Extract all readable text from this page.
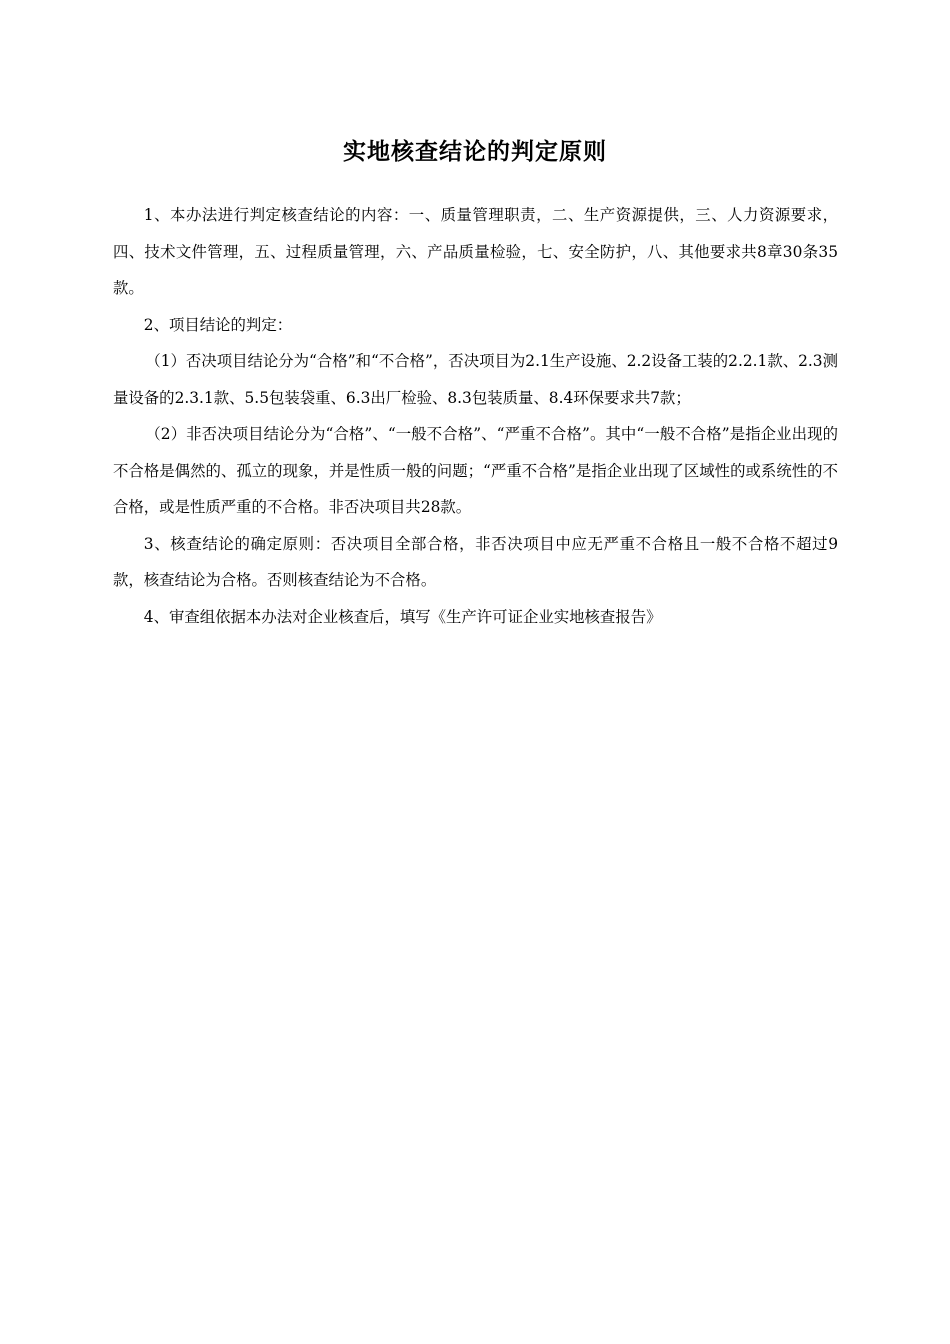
实地核查结论的判定原则

1、本办法进行判定核查结论的内容：一、质量管理职责，二、生产资源提供，三、人力资源要求，四、技术文件管理，五、过程质量管理，六、产品质量检验，七、安全防护，八、其他要求共8章30条35款。

2、项目结论的判定：

（1）否决项目结论分为“合格”和“不合格”，否决项目为2.1生产设施、2.2设备工装的2.2.1款、2.3测量设备的2.3.1款、5.5包装袋重、6.3出厂检验、8.3包装质量、8.4环保要求共7款；

（2）非否决项目结论分为“合格”、“一般不合格”、“严重不合格”。其中“一般不合格”是指企业出现的不合格是偶然的、孤立的现象，并是性质一般的问题；“严重不合格”是指企业出现了区域性的或系统性的不合格，或是性质严重的不合格。非否决项目共28款。

3、核查结论的确定原则：否决项目全部合格，非否决项目中应无严重不合格且一般不合格不超过9款，核查结论为合格。否则核查结论为不合格。

4、审查组依据本办法对企业核查后，填写《生产许可证企业实地核查报告》
